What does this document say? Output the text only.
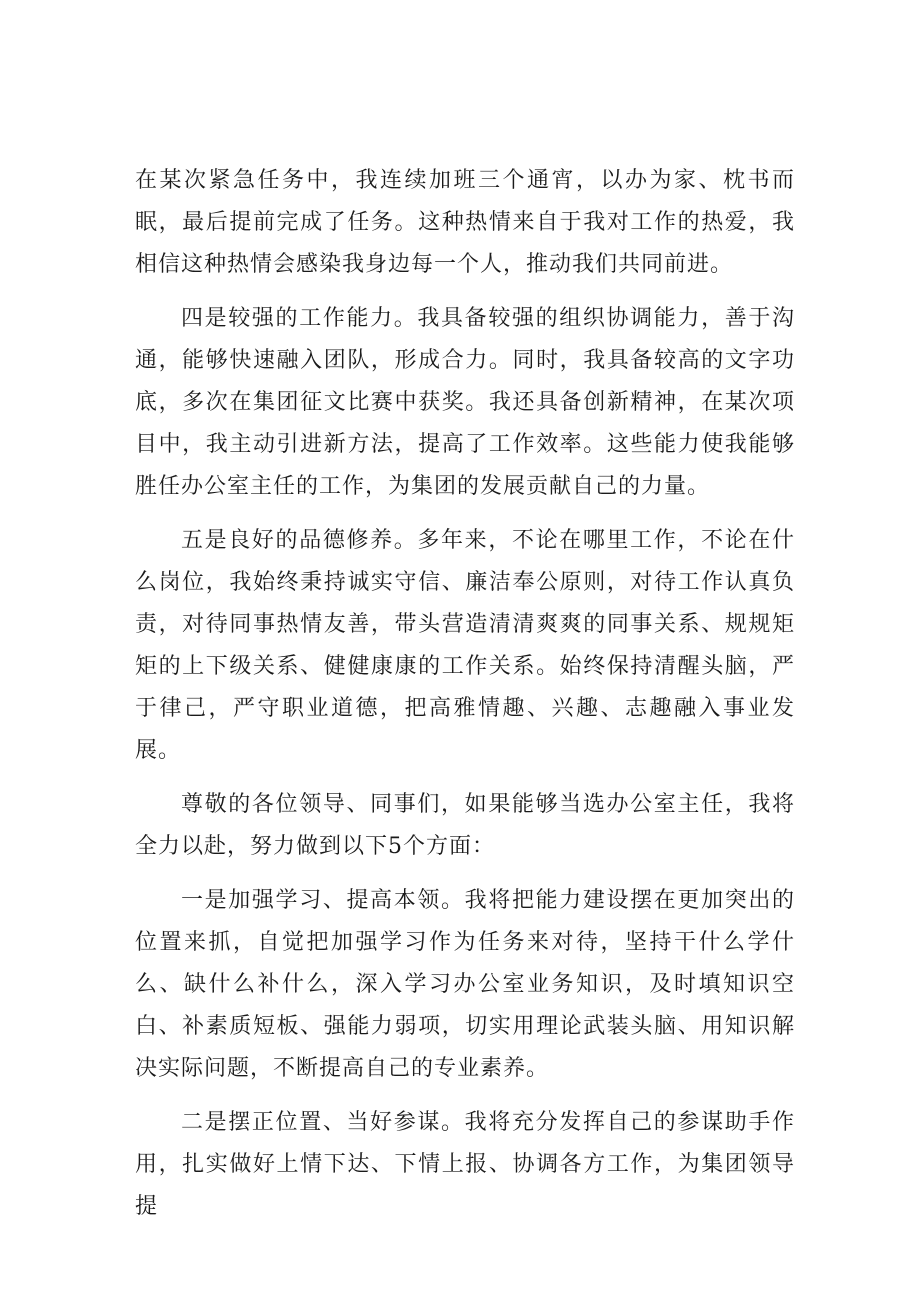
在某次紧急任务中，我连续加班三个通宵，以办为家、枕书而眠，最后提前完成了任务。这种热情来自于我对工作的热爱，我相信这种热情会感染我身边每一个人，推动我们共同前进。

四是较强的工作能力。我具备较强的组织协调能力，善于沟通，能够快速融入团队，形成合力。同时，我具备较高的文字功底，多次在集团征文比赛中获奖。我还具备创新精神，在某次项目中，我主动引进新方法，提高了工作效率。这些能力使我能够胜任办公室主任的工作，为集团的发展贡献自己的力量。

五是良好的品德修养。多年来，不论在哪里工作，不论在什么岗位，我始终秉持诚实守信、廉洁奉公原则，对待工作认真负责，对待同事热情友善，带头营造清清爽爽的同事关系、规规矩矩的上下级关系、健健康康的工作关系。始终保持清醒头脑，严于律己，严守职业道德，把高雅情趣、兴趣、志趣融入事业发展。

尊敬的各位领导、同事们，如果能够当选办公室主任，我将全力以赴，努力做到以下5个方面：

一是加强学习、提高本领。我将把能力建设摆在更加突出的位置来抓，自觉把加强学习作为任务来对待，坚持干什么学什么、缺什么补什么，深入学习办公室业务知识，及时填知识空白、补素质短板、强能力弱项，切实用理论武装头脑、用知识解决实际问题，不断提高自己的专业素养。

二是摆正位置、当好参谋。我将充分发挥自己的参谋助手作用，扎实做好上情下达、下情上报、协调各方工作，为集团领导提
